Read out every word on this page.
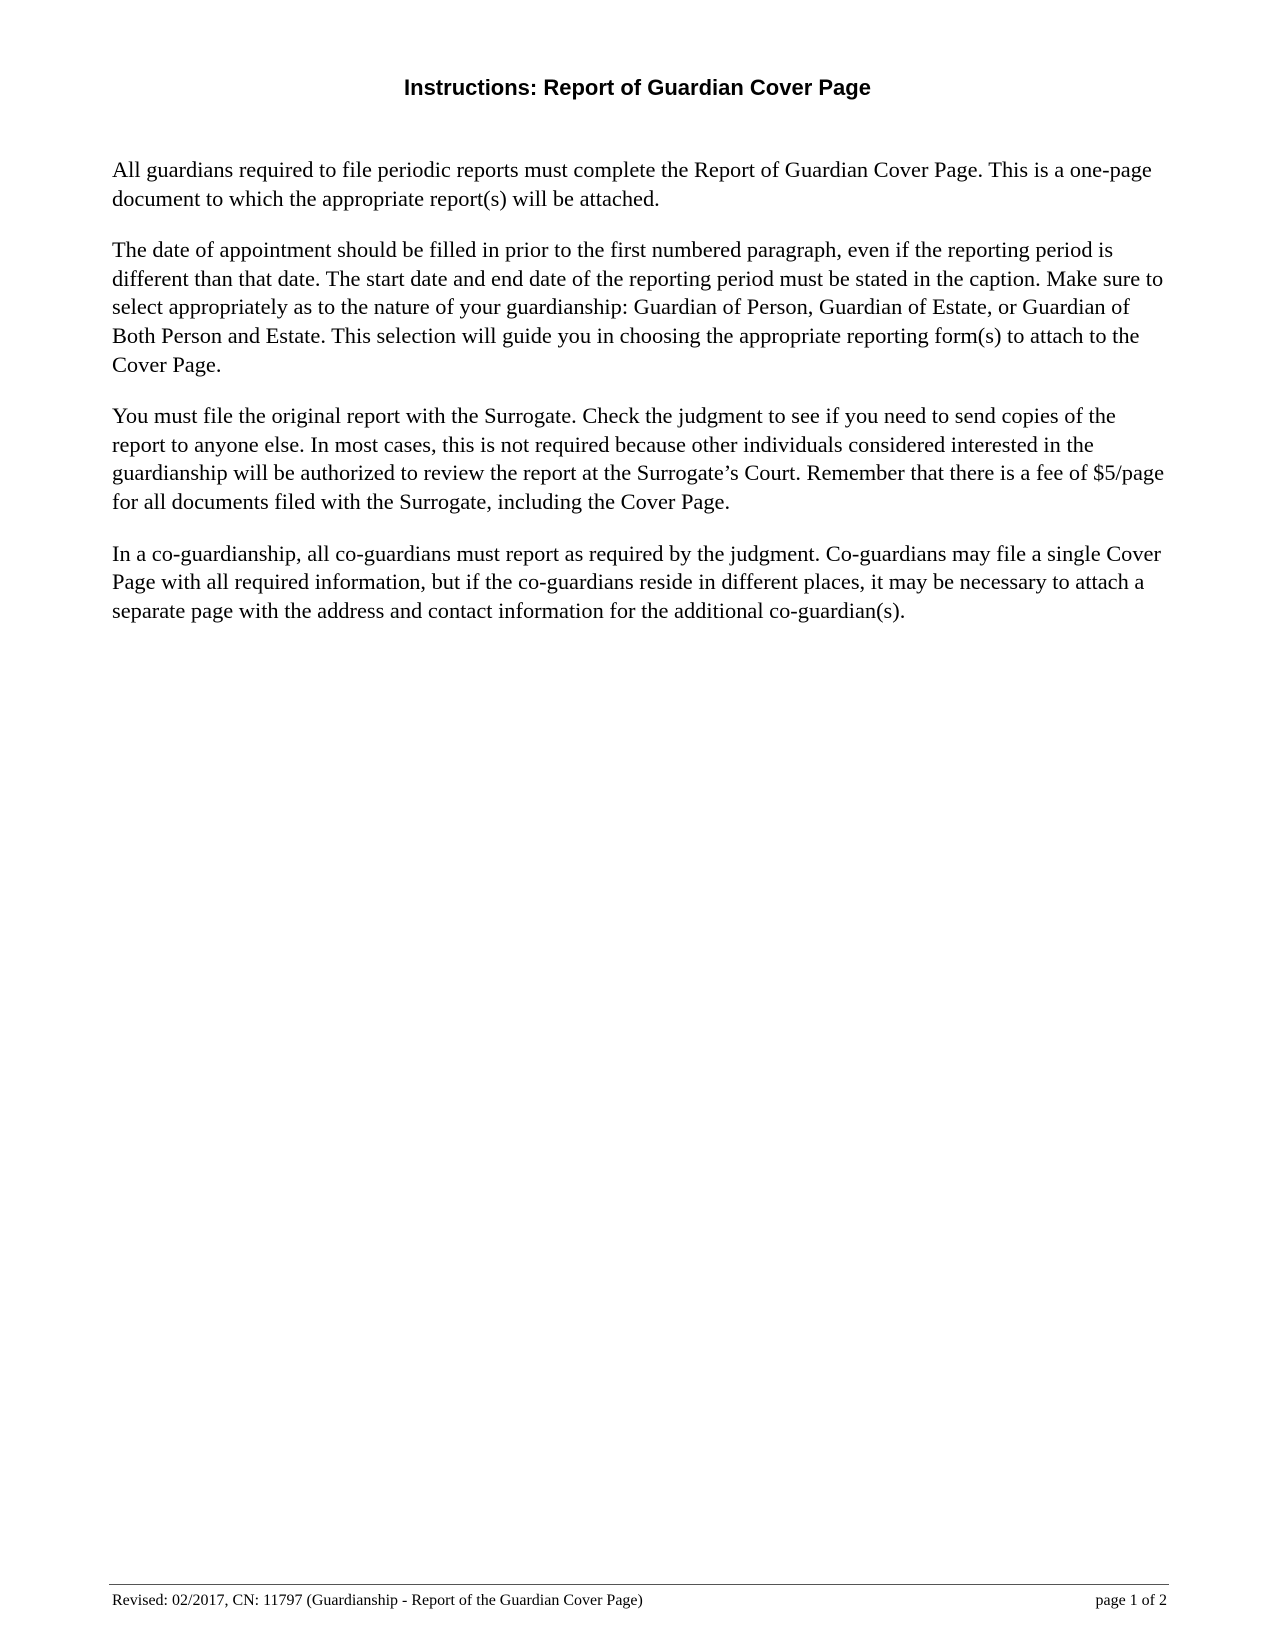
Instructions: Report of Guardian Cover Page

All guardians required to file periodic reports must complete the Report of Guardian Cover Page. This is a one-page document to which the appropriate report(s) will be attached.

The date of appointment should be filled in prior to the first numbered paragraph, even if the reporting period is different than that date. The start date and end date of the reporting period must be stated in the caption. Make sure to select appropriately as to the nature of your guardianship: Guardian of Person, Guardian of Estate, or Guardian of Both Person and Estate. This selection will guide you in choosing the appropriate reporting form(s) to attach to the Cover Page.

You must file the original report with the Surrogate. Check the judgment to see if you need to send copies of the report to anyone else. In most cases, this is not required because other individuals considered interested in the guardianship will be authorized to review the report at the Surrogate’s Court. Remember that there is a fee of $5/page for all documents filed with the Surrogate, including the Cover Page.

In a co-guardianship, all co-guardians must report as required by the judgment. Co-guardians may file a single Cover Page with all required information, but if the co-guardians reside in different places, it may be necessary to attach a separate page with the address and contact information for the additional co-guardian(s).

Revised: 02/2017, CN: 11797 (Guardianship - Report of the Guardian Cover Page)	page 1 of 2
